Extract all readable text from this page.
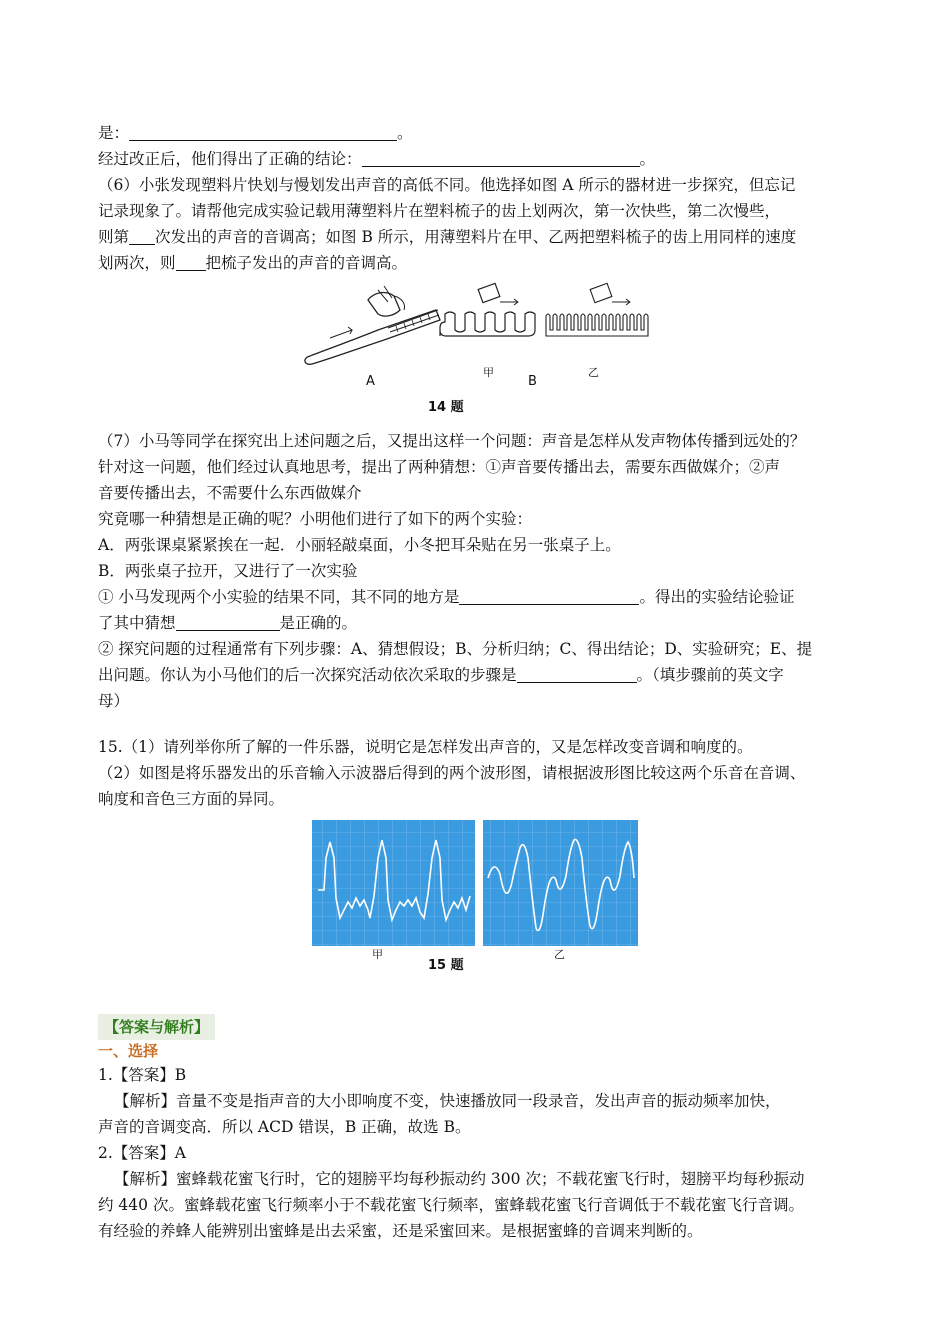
是：	。
经过改正后，他们得出了正确的结论：	。
（6）小张发现塑料片快划与慢划发出声音的高低不同。他选择如图 A 所示的器材进一步探究，但忘记
记录现象了。请帮他完成实验记载用薄塑料片在塑料梳子的齿上划两次，第一次快些，第二次慢些，
则第 次发出的声音的音调高；如图 B 所示，用薄塑料片在甲、乙两把塑料梳子的齿上用同样的速度
划两次，则 把梳子发出的声音的音调高。
A
甲
B
乙
14 题
（7）小马等同学在探究出上述问题之后，又提出这样一个问题：声音是怎样从发声物体传播到远处的？
针对这一问题，他们经过认真地思考，提出了两种猜想：①声音要传播出去，需要东西做媒介；②声
音要传播出去，不需要什么东西做媒介
究竟哪一种猜想是正确的呢？小明他们进行了如下的两个实验：
A．两张课桌紧紧挨在一起．小丽轻敲桌面，小冬把耳朵贴在另一张桌子上。
B．两张桌子拉开，又进行了一次实验
① 小马发现两个小实验的结果不同，其不同的地方是	。得出的实验结论验证
了其中猜想	是正确的。
② 探究问题的过程通常有下列步骤：A、猜想假设；B、分析归纳；C、得出结论；D、实验研究；E、提
出问题。你认为小马他们的后一次探究活动依次采取的步骤是	。（填步骤前的英文字
母）
15.（1）请列举你所了解的一件乐器，说明它是怎样发出声音的，又是怎样改变音调和响度的。
（2）如图是将乐器发出的乐音输入示波器后得到的两个波形图，请根据波形图比较这两个乐音在音调、
响度和音色三方面的异同。
甲
15 题
乙
【答案与解析】
一、选择
1.【答案】B
【解析】音量不变是指声音的大小即响度不变，快速播放同一段录音，发出声音的振动频率加快，
声音的音调变高．所以 ACD 错误，B 正确，故选 B。
2.【答案】A
【解析】蜜蜂载花蜜飞行时，它的翅膀平均每秒振动约 300 次；不载花蜜飞行时，翅膀平均每秒振动
约 440 次。蜜蜂载花蜜飞行频率小于不载花蜜飞行频率，蜜蜂载花蜜飞行音调低于不载花蜜飞行音调。
有经验的养蜂人能辨别出蜜蜂是出去采蜜，还是采蜜回来。是根据蜜蜂的音调来判断的。
